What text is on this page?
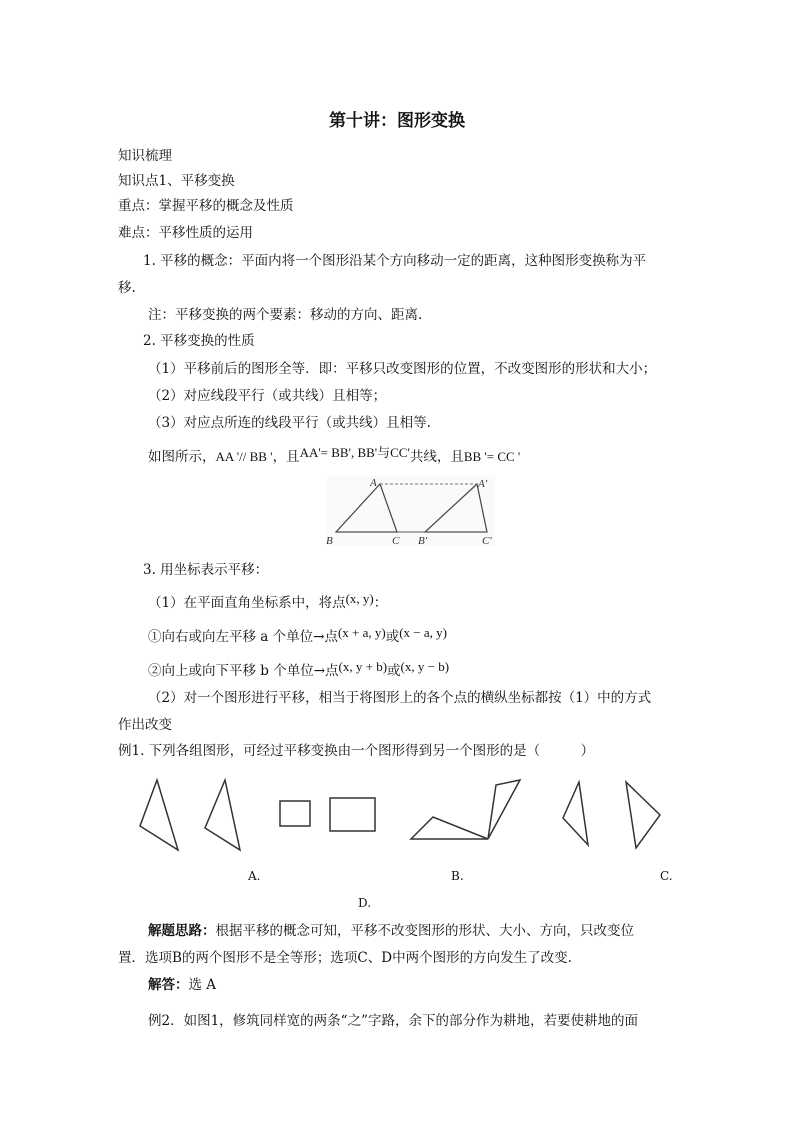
第十讲：图形变换
知识梳理
知识点1、平移变换
重点：掌握平移的概念及性质
难点：平移性质的运用
1. 平移的概念：平面内将一个图形沿某个方向移动一定的距离，这种图形变换称为平
移.
注：平移变换的两个要素：移动的方向、距离.
2. 平移变换的性质
（1）平移前后的图形全等．即：平移只改变图形的位置，不改变图形的形状和大小；
（2）对应线段平行（或共线）且相等；
（3）对应点所连的线段平行（或共线）且相等.
如图所示，AA '// BB '，且AA'= BB', BB'与CC'共线，且BB '= CC '
A	A'
B	C B'	C'
3. 用坐标表示平移：
（1）在平面直角坐标系中，将点(x, y)：
①向右或向左平移 a 个单位→点(x + a, y)或(x − a, y)
②向上或向下平移 b 个单位→点(x, y + b)或(x, y − b)
（2）对一个图形进行平移，相当于将图形上的各个点的横纵坐标都按（1）中的方式
作出改变
例1. 下列各组图形，可经过平移变换由一个图形得到另一个图形的是（　　　）
A.	B.	C.
D.
解题思路：根据平移的概念可知，平移不改变图形的形状、大小、方向，只改变位
置．选项B的两个图形不是全等形；选项C、D中两个图形的方向发生了改变.
解答：选 A
例2．如图1，修筑同样宽的两条“之”字路，余下的部分作为耕地，若要使耕地的面
